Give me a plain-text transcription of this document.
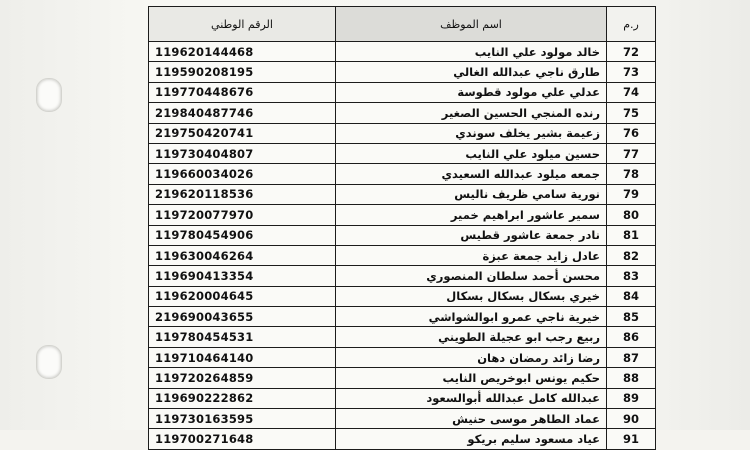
ر.م	اسم الموظف	الرقم الوطني
72	خالد مولود علي النايب	119620144468
73	طارق ناجي عبدالله الغالي	119590208195
74	عدلي علي مولود قطوسة	119770448676
75	رنده المنجي الحسين الصغير	219840487746
76	زعيمة بشير يخلف سوندي	219750420741
77	حسين ميلود علي النايب	119730404807
78	جمعه ميلود عبدالله السعيدي	119660034026
79	نورية سامي ظريف ناليس	219620118536
80	سمير عاشور ابراهيم خمير	119720077970
81	نادر جمعة عاشور قطيس	119780454906
82	عادل زايد جمعة عبزة	119630046264
83	محسن أحمد سلطان المنصوري	119690413354
84	خيري بسكال بسكال بسكال	119620004645
85	خيرية ناجي عمرو ابوالشواشي	219690043655
86	ربيع رجب ابو عجيلة الطويني	119780454531
87	رضا زائد رمضان دهان	119710464140
88	حكيم يونس ابوخريص النايب	119720264859
89	عبدالله كامل عبدالله أبوالسعود	119690222862
90	عماد الطاهر موسى حنيش	119730163595
91	عياد مسعود سليم بريكو	119700271648
